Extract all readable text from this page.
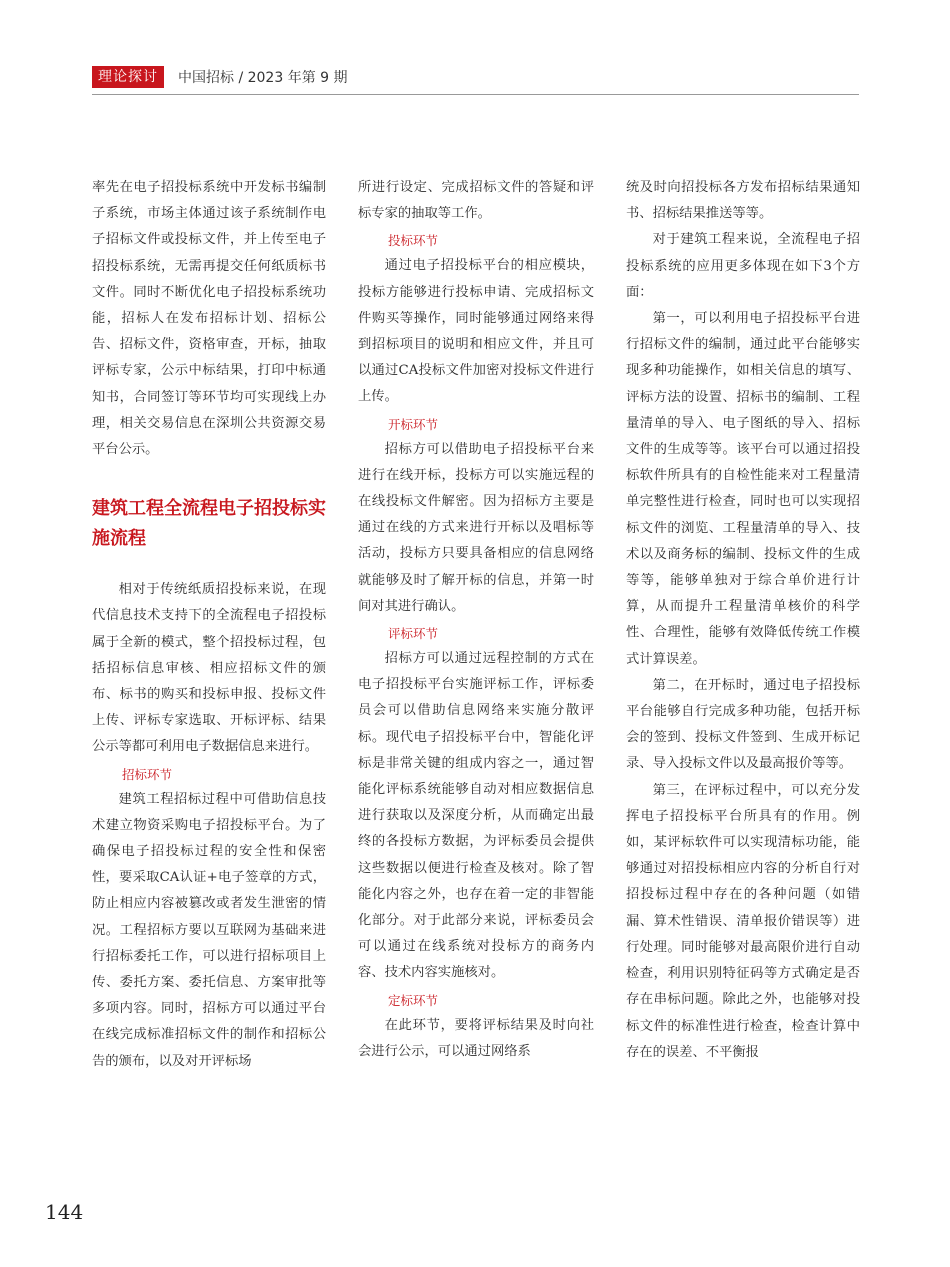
理论探讨	中国招标 / 2023 年第 9 期

率先在电子招投标系统中开发标书编制子系统，市场主体通过该子系统制作电子招标文件或投标文件，并上传至电子招投标系统，无需再提交任何纸质标书文件。同时不断优化电子招投标系统功能，招标人在发布招标计划、招标公告、招标文件，资格审查，开标，抽取评标专家，公示中标结果，打印中标通知书，合同签订等环节均可实现线上办理，相关交易信息在深圳公共资源交易平台公示。

建筑工程全流程电子招投标实施流程

相对于传统纸质招投标来说，在现代信息技术支持下的全流程电子招投标属于全新的模式，整个招投标过程，包括招标信息审核、相应招标文件的颁布、标书的购买和投标申报、投标文件上传、评标专家选取、开标评标、结果公示等都可利用电子数据信息来进行。

招标环节

建筑工程招标过程中可借助信息技术建立物资采购电子招投标平台。为了确保电子招投标过程的安全性和保密性，要采取CA认证+电子签章的方式，防止相应内容被篡改或者发生泄密的情况。工程招标方要以互联网为基础来进行招标委托工作，可以进行招标项目上传、委托方案、委托信息、方案审批等多项内容。同时，招标方可以通过平台在线完成标准招标文件的制作和招标公告的颁布，以及对开评标场

所进行设定、完成招标文件的答疑和评标专家的抽取等工作。

投标环节

通过电子招投标平台的相应模块，投标方能够进行投标申请、完成招标文件购买等操作，同时能够通过网络来得到招标项目的说明和相应文件，并且可以通过CA投标文件加密对投标文件进行上传。

开标环节

招标方可以借助电子招投标平台来进行在线开标，投标方可以实施远程的在线投标文件解密。因为招标方主要是通过在线的方式来进行开标以及唱标等活动，投标方只要具备相应的信息网络就能够及时了解开标的信息，并第一时间对其进行确认。

评标环节

招标方可以通过远程控制的方式在电子招投标平台实施评标工作，评标委员会可以借助信息网络来实施分散评标。现代电子招投标平台中，智能化评标是非常关键的组成内容之一，通过智能化评标系统能够自动对相应数据信息进行获取以及深度分析，从而确定出最终的各投标方数据，为评标委员会提供这些数据以便进行检查及核对。除了智能化内容之外，也存在着一定的非智能化部分。对于此部分来说，评标委员会可以通过在线系统对投标方的商务内容、技术内容实施核对。

定标环节

在此环节，要将评标结果及时向社会进行公示，可以通过网络系

统及时向招投标各方发布招标结果通知书、招标结果推送等等。

对于建筑工程来说，全流程电子招投标系统的应用更多体现在如下3个方面：

第一，可以利用电子招投标平台进行招标文件的编制，通过此平台能够实现多种功能操作，如相关信息的填写、评标方法的设置、招标书的编制、工程量清单的导入、电子图纸的导入、招标文件的生成等等。该平台可以通过招投标软件所具有的自检性能来对工程量清单完整性进行检查，同时也可以实现招标文件的浏览、工程量清单的导入、技术以及商务标的编制、投标文件的生成等等，能够单独对于综合单价进行计算，从而提升工程量清单核价的科学性、合理性，能够有效降低传统工作模式计算误差。

第二，在开标时，通过电子招投标平台能够自行完成多种功能，包括开标会的签到、投标文件签到、生成开标记录、导入投标文件以及最高报价等等。

第三，在评标过程中，可以充分发挥电子招投标平台所具有的作用。例如，某评标软件可以实现清标功能，能够通过对招投标相应内容的分析自行对招投标过程中存在的各种问题（如错漏、算术性错误、清单报价错误等）进行处理。同时能够对最高限价进行自动检查，利用识别特征码等方式确定是否存在串标问题。除此之外，也能够对投标文件的标准性进行检查，检查计算中存在的误差、不平衡报

144
